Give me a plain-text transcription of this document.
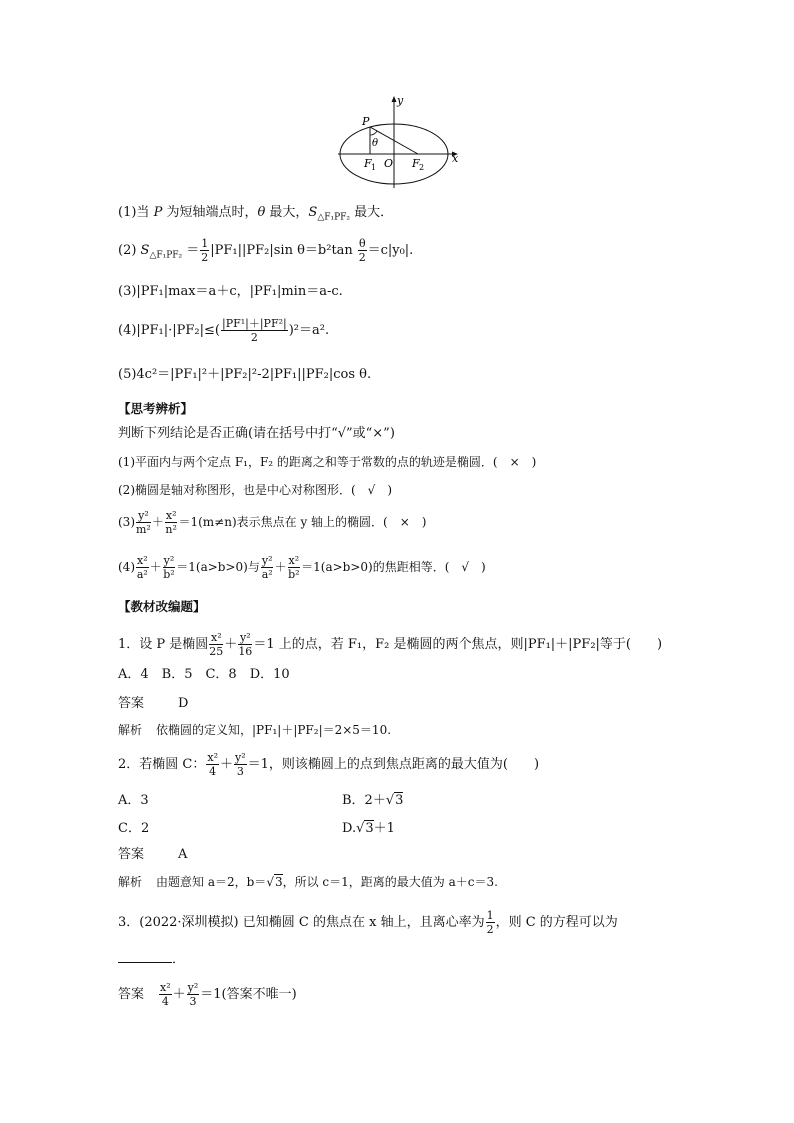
y
x
P
θ
F 1 O F 2
(1)当 P 为短轴端点时，θ 最大，$S_{\triangle F_1PF_2}$ 最大．
(2) $S_{\triangle F_1PF_2} = \frac{1}{2} |PF_1||PF_2|\sin$ $\theta=b^2\tan \frac{\theta}{2} =c|y_0|$.
(3)|PF₁|max＝a＋c，|PF₁|min＝a-c.
$(4)|PF_1|\cdot|PF_2|\le( \frac{\text{|PF¹|＋|PF²|}}{2} )^2=a^2$.
(5)4c²＝|PF₁|²＋|PF₂|²-2|PF₁||PF₂|cos θ.
【思考辨析】
判断下列结论是否正确(请在括号中打“√”或“×”)
(1)平面内与两个定点 F₁，F₂ 的距离之和等于常数的点的轨迹是椭圆．(　×　)
(2)椭圆是轴对称图形，也是中心对称图形．(　√　)
$(3) \frac{\text{y²}}{\text{m²}} + \frac{\text{x²}}{\text{n²}} =1(m\ne n)$表示焦点在 y 轴上的椭圆．(　×　)
$(4) \frac{\text{x²}}{\text{a²}} + \frac{\text{y²}}{\text{b²}} =1(a>b>0)$与 $\frac{\text{y²}}{\text{a²}} + \frac{\text{x²}}{\text{b²}} =1(a>b>0)$的焦距相等．(　√　)
【教材改编题】
1．设 P 是椭圆 $\frac{\text{x²}}{25} + \frac{\text{y²}}{16} =1$ 上的点，若 F₁，F₂ 是椭圆的两个焦点，则|PF₁|＋|PF₂|等于(　　)
A．4　B．5　C．8　D．10
答案	D
解析 依椭圆的定义知，|PF₁|＋|PF₂|＝2×5＝10.
2．若椭圆 C： $\frac{\text{x²}}{4} + \frac{\text{y²}}{3} =1$，则该椭圆上的点到焦点距离的最大值为(　　)
A．3	B．2＋√3
C．2	D.√3＋1
答案	A
解析 由题意知 a＝2，b＝√3，所以 c＝1，距离的最大值为 a＋c＝3.
3．(2022·深圳模拟) 已知椭圆 C 的焦点在 x 轴上，且离心率为 $\frac{1}{2}$ ，则 C 的方程可以为
．
答案 $\frac{\text{x²}}{4} + \frac{\text{y²}}{3} =1$(答案不唯一)
